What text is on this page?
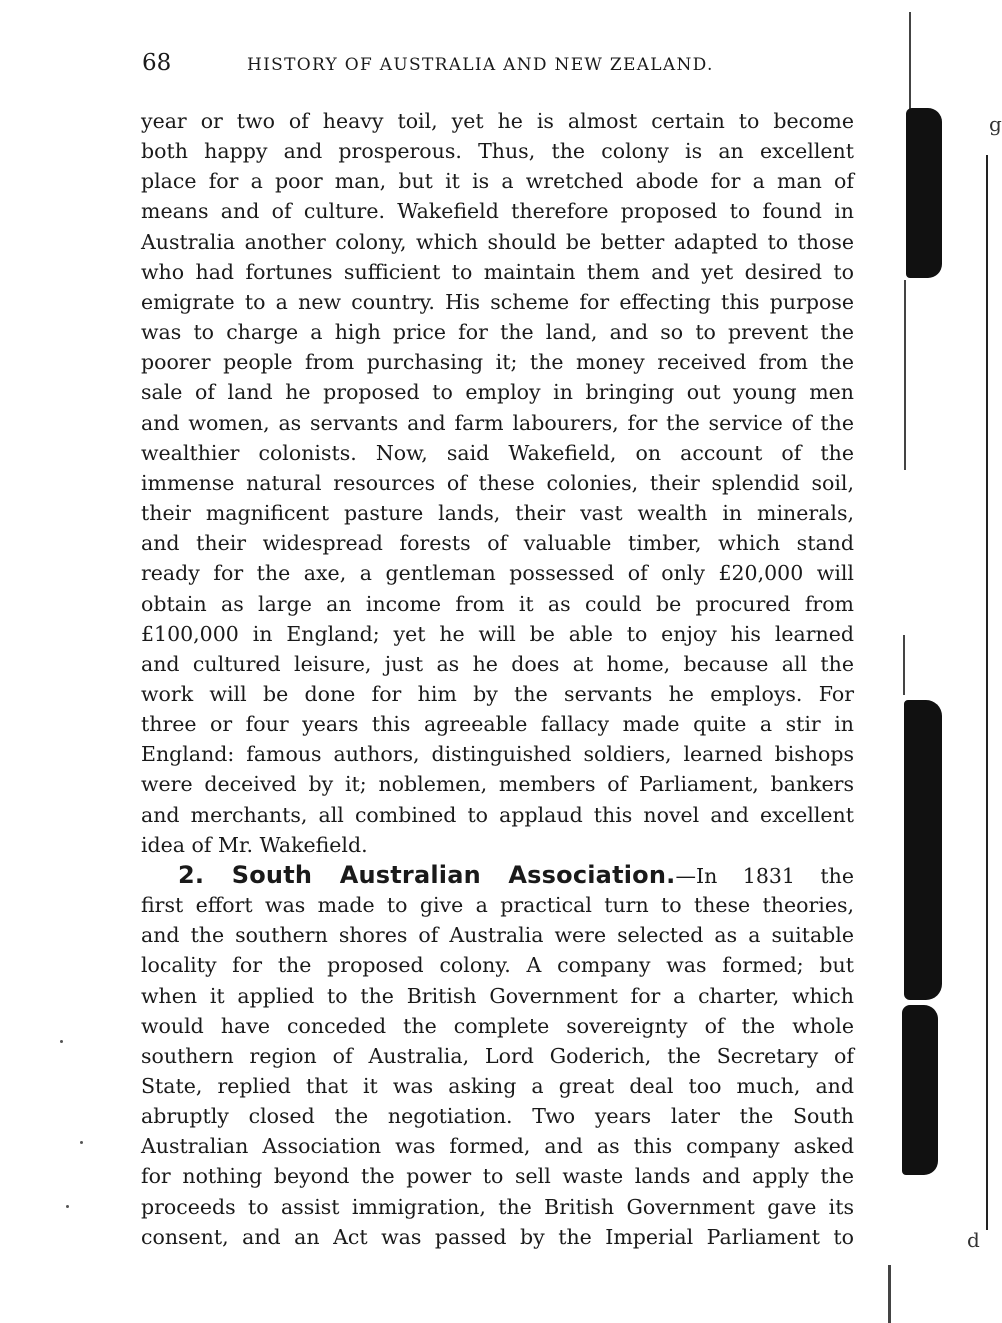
68	HISTORY OF AUSTRALIA AND NEW ZEALAND.
year or two of heavy toil, yet he is almost certain to become
both happy and prosperous. Thus, the colony is an excellent
place for a poor man, but it is a wretched abode for a man of
means and of culture. Wakefield therefore proposed to found in
Australia another colony, which should be better adapted to those
who had fortunes sufficient to maintain them and yet desired to
emigrate to a new country. His scheme for effecting this purpose
was to charge a high price for the land, and so to prevent the
poorer people from purchasing it; the money received from the
sale of land he proposed to employ in bringing out young men
and women, as servants and farm labourers, for the service of the
wealthier colonists. Now, said Wakefield, on account of the
immense natural resources of these colonies, their splendid soil,
their magnificent pasture lands, their vast wealth in minerals,
and their widespread forests of valuable timber, which stand
ready for the axe, a gentleman possessed of only £20,000 will
obtain as large an income from it as could be procured from
£100,000 in England; yet he will be able to enjoy his learned
and cultured leisure, just as he does at home, because all the
work will be done for him by the servants he employs. For
three or four years this agreeable fallacy made quite a stir in
England: famous authors, distinguished soldiers, learned bishops
were deceived by it; noblemen, members of Parliament, bankers
and merchants, all combined to applaud this novel and excellent
idea of Mr. Wakefield.
2. South Australian Association.—In 1831 the
first effort was made to give a practical turn to these theories,
and the southern shores of Australia were selected as a suitable
locality for the proposed colony. A company was formed; but
when it applied to the British Government for a charter, which
would have conceded the complete sovereignty of the whole
southern region of Australia, Lord Goderich, the Secretary of
State, replied that it was asking a great deal too much, and
abruptly closed the negotiation. Two years later the South
Australian Association was formed, and as this company asked
for nothing beyond the power to sell waste lands and apply the
proceeds to assist immigration, the British Government gave its
consent, and an Act was passed by the Imperial Parliament to
g
d
